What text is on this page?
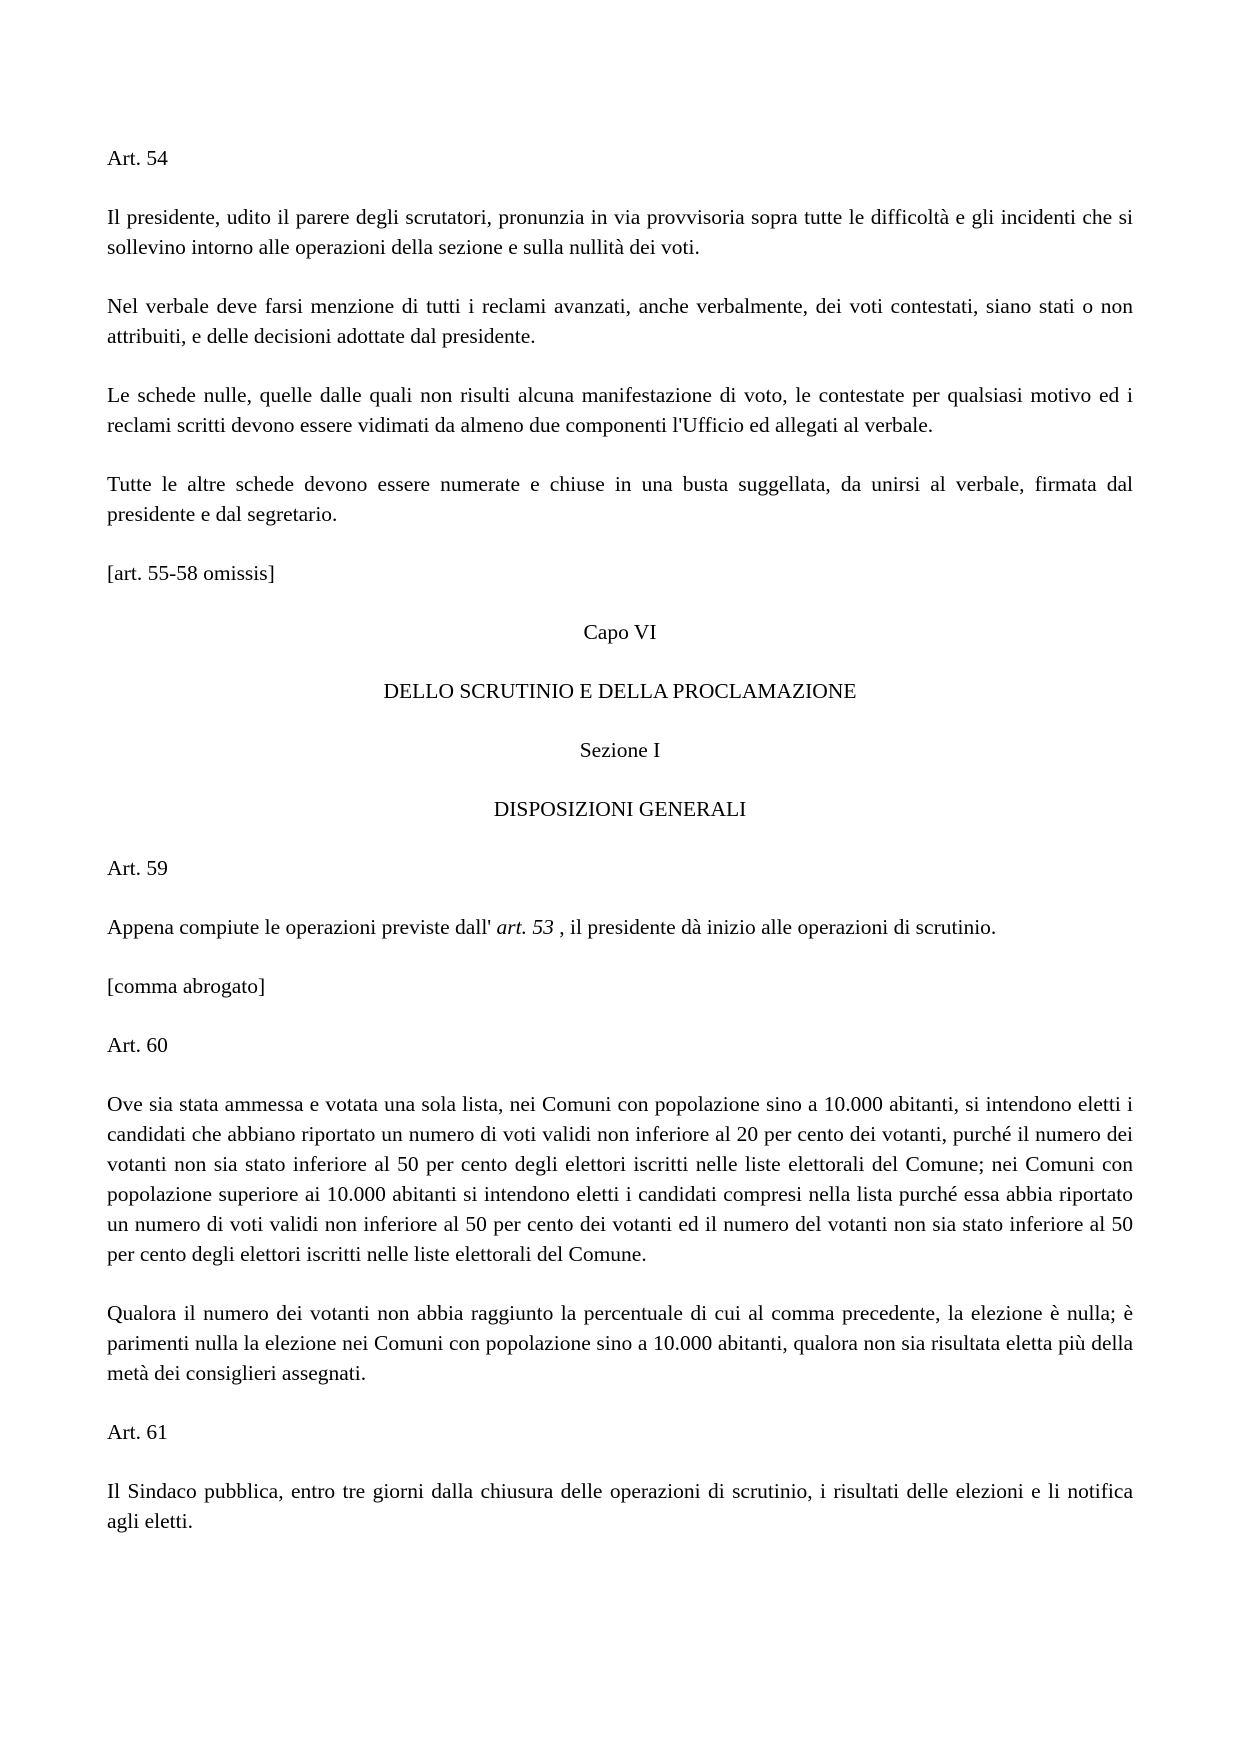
Art. 54

Il presidente, udito il parere degli scrutatori, pronunzia in via provvisoria sopra tutte le difficoltà e gli incidenti che si sollevino intorno alle operazioni della sezione e sulla nullità dei voti.

Nel verbale deve farsi menzione di tutti i reclami avanzati, anche verbalmente, dei voti contestati, siano stati o non attribuiti, e delle decisioni adottate dal presidente.

Le schede nulle, quelle dalle quali non risulti alcuna manifestazione di voto, le contestate per qualsiasi motivo ed i reclami scritti devono essere vidimati da almeno due componenti l'Ufficio ed allegati al verbale.

Tutte le altre schede devono essere numerate e chiuse in una busta suggellata, da unirsi al verbale, firmata dal presidente e dal segretario.

[art. 55-58 omissis]

Capo VI

DELLO SCRUTINIO E DELLA PROCLAMAZIONE

Sezione I

DISPOSIZIONI GENERALI

Art. 59

Appena compiute le operazioni previste dall' art. 53 , il presidente dà inizio alle operazioni di scrutinio.

[comma abrogato]

Art. 60

Ove sia stata ammessa e votata una sola lista, nei Comuni con popolazione sino a 10.000 abitanti, si intendono eletti i candidati che abbiano riportato un numero di voti validi non inferiore al 20 per cento dei votanti, purché il numero dei votanti non sia stato inferiore al 50 per cento degli elettori iscritti nelle liste elettorali del Comune; nei Comuni con popolazione superiore ai 10.000 abitanti si intendono eletti i candidati compresi nella lista purché essa abbia riportato un numero di voti validi non inferiore al 50 per cento dei votanti ed il numero del votanti non sia stato inferiore al 50 per cento degli elettori iscritti nelle liste elettorali del Comune.

Qualora il numero dei votanti non abbia raggiunto la percentuale di cui al comma precedente, la elezione è nulla; è parimenti nulla la elezione nei Comuni con popolazione sino a 10.000 abitanti, qualora non sia risultata eletta più della metà dei consiglieri assegnati.

Art. 61

Il Sindaco pubblica, entro tre giorni dalla chiusura delle operazioni di scrutinio, i risultati delle elezioni e li notifica agli eletti.
